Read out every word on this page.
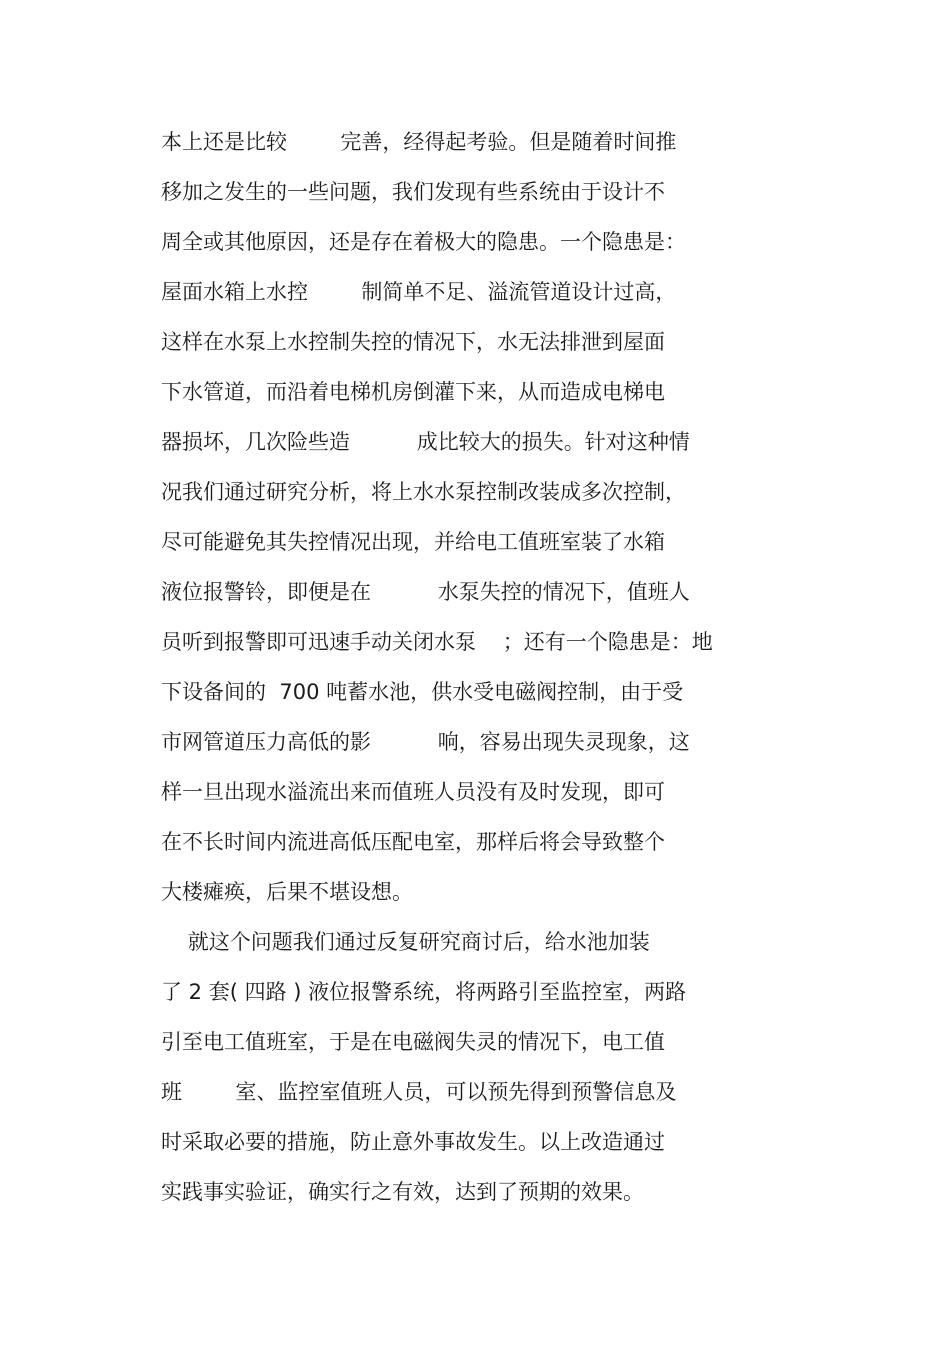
本上还是比较        完善，经得起考验。但是随着时间推
移加之发生的一些问题，我们发现有些系统由于设计不
周全或其他原因，还是存在着极大的隐患。一个隐患是：
屋面水箱上水控        制简单不足、溢流管道设计过高，
这样在水泵上水控制失控的情况下，水无法排泄到屋面
下水管道，而沿着电梯机房倒灌下来，从而造成电梯电
器损坏，几次险些造          成比较大的损失。针对这种情
况我们通过研究分析，将上水水泵控制改装成多次控制，
尽可能避免其失控情况出现，并给电工值班室装了水箱
液位报警铃，即便是在          水泵失控的情况下，值班人
员听到报警即可迅速手动关闭水泵    ；还有一个隐患是：地
下设备间的  700 吨蓄水池，供水受电磁阀控制，由于受
市网管道压力高低的影          响，容易出现失灵现象，这
样一旦出现水溢流出来而值班人员没有及时发现，即可
在不长时间内流进高低压配电室，那样后将会导致整个
大楼瘫痪，后果不堪设想。
就这个问题我们通过反复研究商讨后，给水池加装
了 2 套( 四路 ) 液位报警系统，将两路引至监控室，两路
引至电工值班室，于是在电磁阀失灵的情况下，电工值
班        室、监控室值班人员，可以预先得到预警信息及
时采取必要的措施，防止意外事故发生。以上改造通过
实践事实验证，确实行之有效，达到了预期的效果。
